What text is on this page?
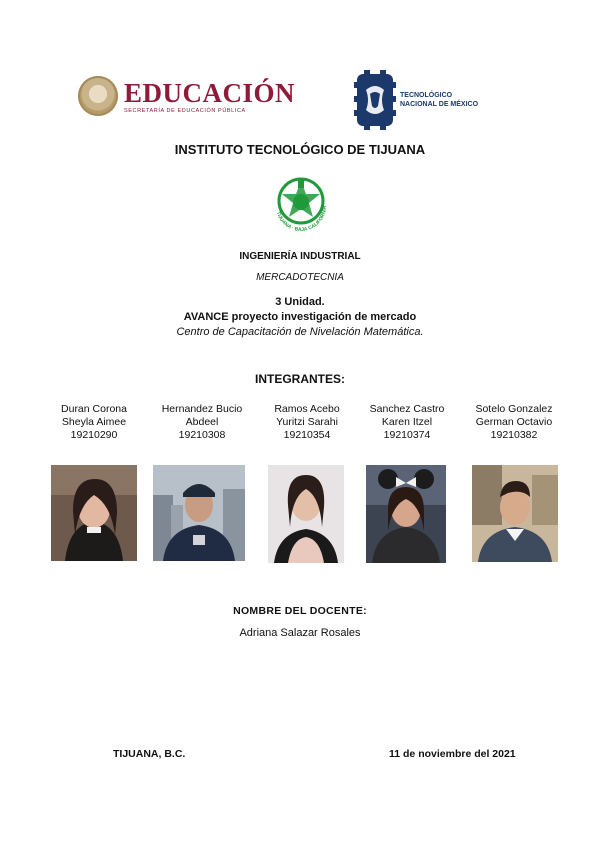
EDUCACIÓN
SECRETARÍA DE EDUCACIÓN PÚBLICA
TECNOLÓGICO
NACIONAL DE MÉXICO
INSTITUTO TECNOLÓGICO DE TIJUANA
TIJUANA · BAJA CALIFORNIA
INGENIERÍA INDUSTRIAL
MERCADOTECNIA
3 Unidad.
AVANCE proyecto investigación de mercado
Centro de Capacitación de Nivelación Matemática.
INTEGRANTES:
Duran Corona
Sheyla Aimee
19210290
Hernandez Bucio
Abdeel
19210308
Ramos Acebo
Yuritzi Sarahi
19210354
Sanchez Castro
Karen Itzel
19210374
Sotelo Gonzalez
German Octavio
19210382
NOMBRE DEL DOCENTE:
Adriana Salazar Rosales
TIJUANA, B.C.	11 de noviembre del 2021
